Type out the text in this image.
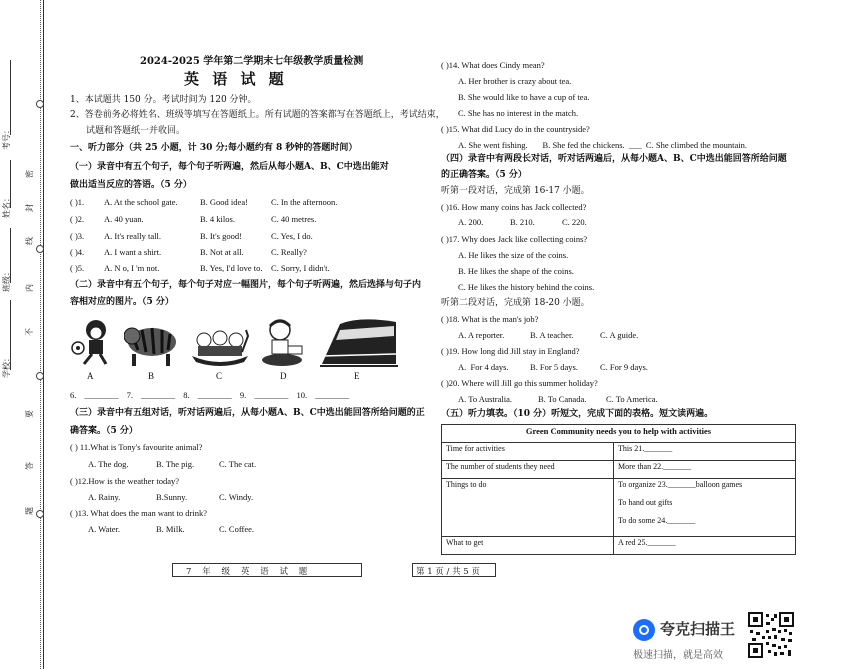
密
封
线
内
不
要
答
题
考号：
姓名：
班级：
学校：
2024-2025 学年第二学期末七年级教学质量检测
英 语 试 题
1、本试题共 150 分。考试时间为 120 分钟。
2、答卷前务必将姓名、班级等填写在答题纸上。所有试题的答案都写在答题纸上，考试结束，
试题和答题纸一并收回。
一、听力部分（共 25 小题，计 30 分;每小题约有 8 秒钟的答题时间）
（一）录音中有五个句子，每个句子听两遍，然后从每小题A、B、C中选出能对
做出适当反应的答语。（5 分）
( )1. A. At the school gate.	B. Good idea!	C. In the afternoon.
( )2. A. 40 yuan.	B. 4 kilos.	C. 40 metres.
( )3. A. It's really tall.	B. It's good!	C. Yes, I do.
( )4. A. I want a shirt.	B. Not at all.	C. Really?
( )5. A. N o, I 'm not.	B. Yes, I'd love to. C. Sorry, I didn't.
（二）录音中有五个句子，每个句子对应一幅图片，每个句子听两遍，然后选择与句子内
容相对应的图片。（5 分）
A	B	C	D	E
6. ________ 7. ________ 8. ________ 9. ________ 10. ________
（三）录音中有五组对话，听对话两遍后，从每小题A、B、C中选出能回答所给问题的正
确答案。（5 分）
( ) 11.What is Tony's favourite animal?
A. The dog.	B. The pig.	C. The cat.
( )12.How is the weather today?
A. Rainy.	B.Sunny.	C. Windy.
( )13. What does the man want to drink?
A. Water.	B. Milk.	C. Coffee.
( )14. What does Cindy mean?
A. Her brother is crazy about tea.
B. She would like to have a cup of tea.
C. She has no interest in the match.
( )15. What did Lucy do in the countryside?
A. She went fishing.       B. She fed the chickens.  ___  C. She climbed the mountain.
（四）录音中有两段长对话，听对话两遍后，从每小题A、B、C中选出能回答所给问题
的正确答案。（5 分）
听第一段对话，完成第 16-17 小题。
( )16. How many coins has Jack collected?
A. 200.	B. 210.	C. 220.
( )17. Why does Jack like collecting coins?
A. He likes the size of the coins.
B. He likes the shape of the coins.
C. He likes the history behind the coins.
听第二段对话，完成第 18-20 小题。
( )18. What is the man's job?
A. A reporter.	B. A teacher.	C. A guide.
( )19. How long did Jill stay in England?
A.  For 4 days.	B. For 5 days.	C. For 9 days.
( )20. Where will Jill go this summer holiday?
A. To Australia.	B. To Canada. C. To America.
（五）听力填表。（10 分）听短文，完成下面的表格。短文读两遍。
Green Community needs you to help with activities	
Time for activities	This 21._______
The number of students they need	More than 22._______
Things to do	To organize 23._______balloon games
To hand out gifts
To do some 24._______

What to get	A red 25._______
7    年    级    英    语    试    题	第 1 页 / 共 5 页
夸克扫描王
极速扫描，就是高效
